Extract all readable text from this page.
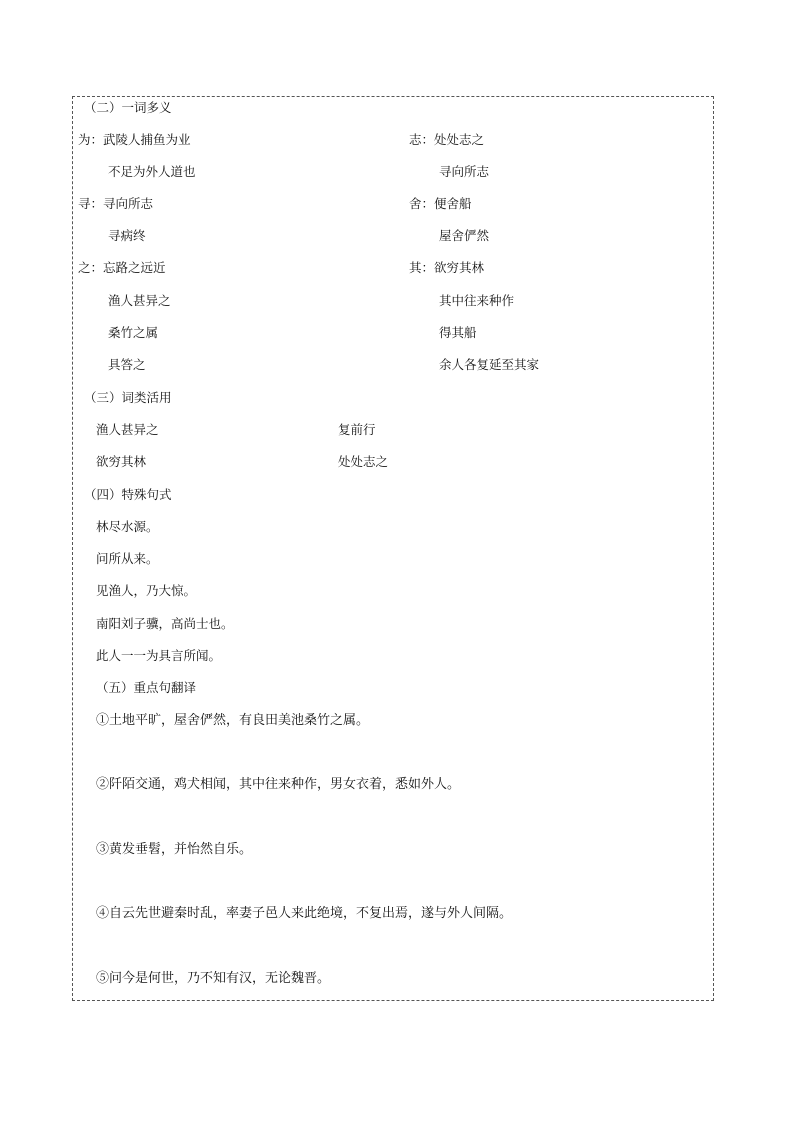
（二）一词多义
为：武陵人捕鱼为业
不足为外人道也
寻：寻向所志
寻病终
之：忘路之远近
渔人甚异之
桑竹之属
具答之
志：处处志之
寻向所志
舍：便舍船
屋舍俨然
其：欲穷其林
其中往来种作
得其船
余人各复延至其家
（三）词类活用
渔人甚异之	复前行
欲穷其林	处处志之
（四）特殊句式
林尽水源。
问所从来。
见渔人，乃大惊。
南阳刘子骥，高尚士也。
此人一一为具言所闻。
（五）重点句翻译
①土地平旷，屋舍俨然，有良田美池桑竹之属。
②阡陌交通，鸡犬相闻，其中往来种作，男女衣着，悉如外人。
③黄发垂髫，并怡然自乐。
④自云先世避秦时乱，率妻子邑人来此绝境，不复出焉，遂与外人间隔。
⑤问今是何世，乃不知有汉，无论魏晋。
